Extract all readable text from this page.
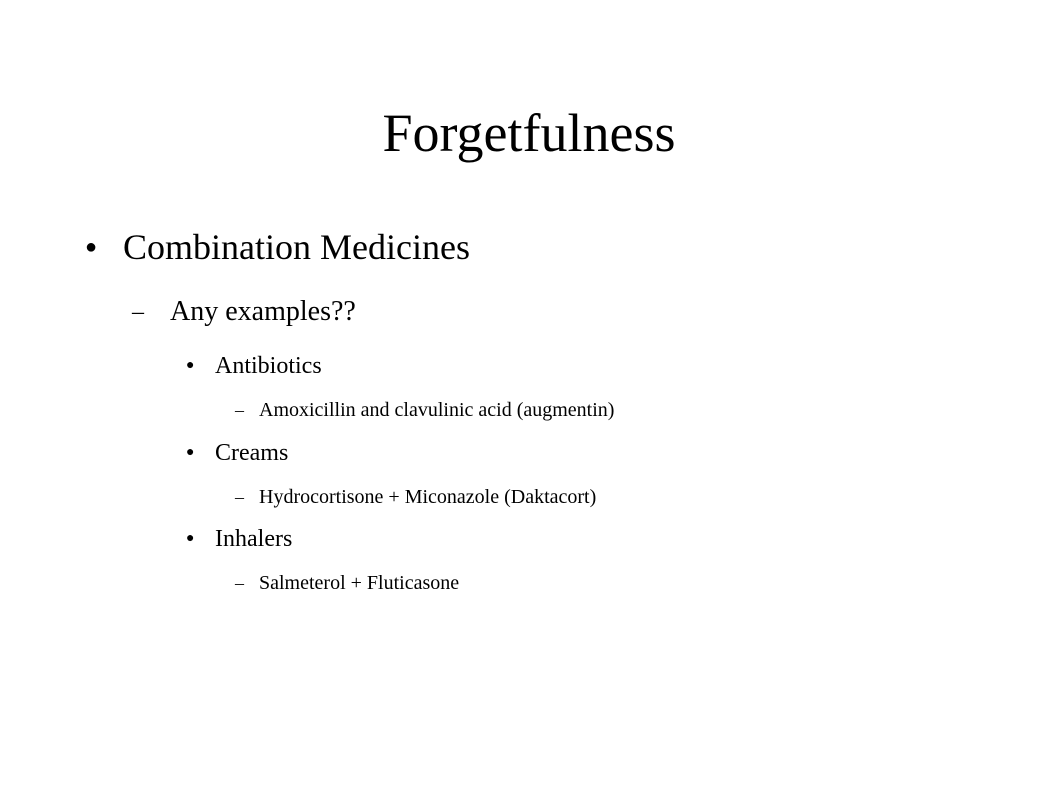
Forgetfulness
● Combination Medicines
– Any examples??
● Antibiotics
– Amoxicillin and clavulinic acid (augmentin)
● Creams
– Hydrocortisone + Miconazole (Daktacort)
● Inhalers
– Salmeterol + Fluticasone
